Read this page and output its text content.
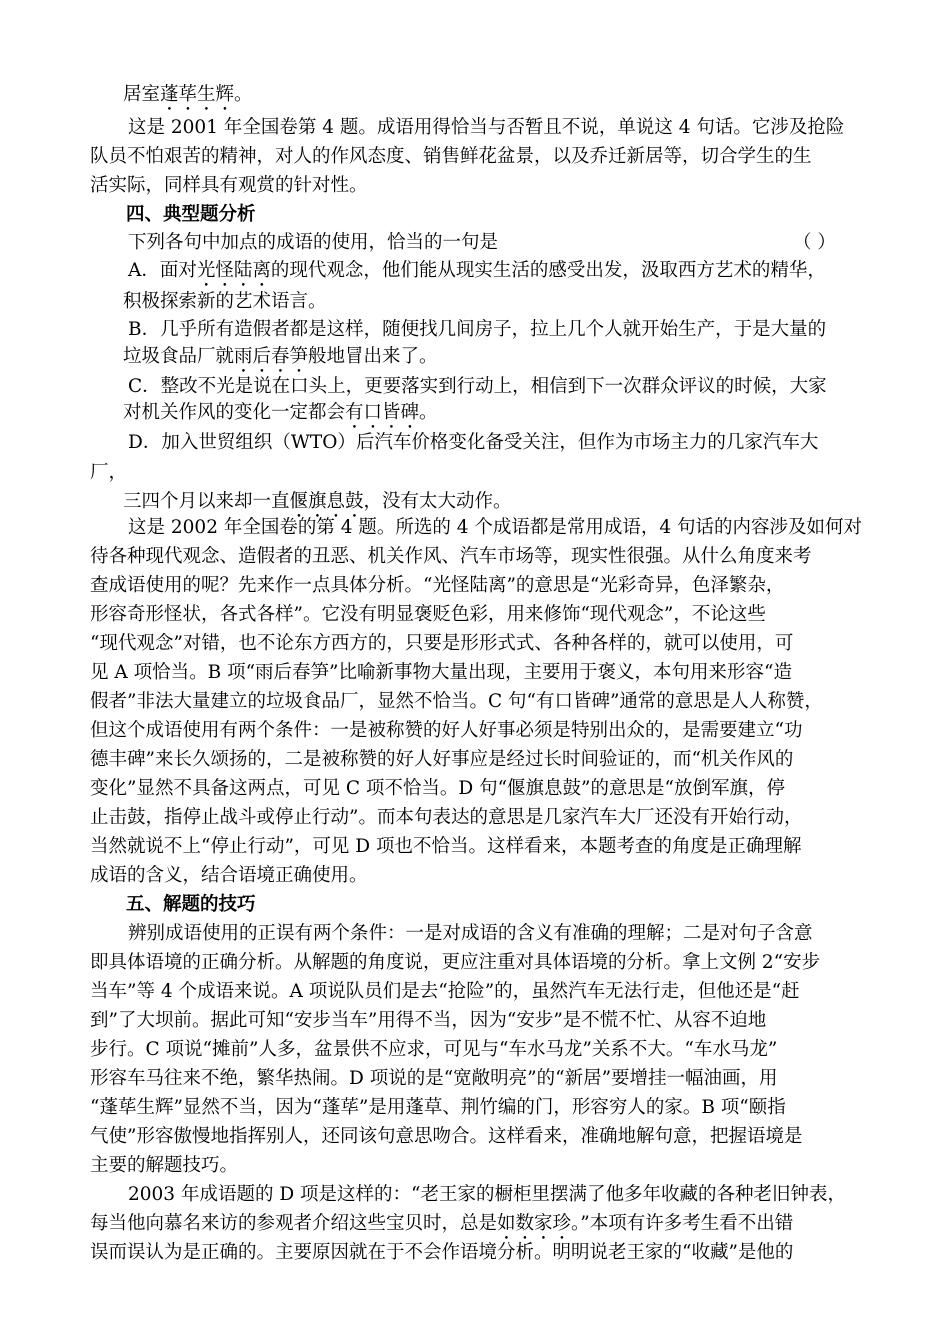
居室蓬荜生辉。
这是 2001 年全国卷第 4 题。成语用得恰当与否暂且不说，单说这 4 句话。它涉及抢险
队员不怕艰苦的精神，对人的作风态度、销售鲜花盆景，以及乔迁新居等，切合学生的生
活实际，同样具有观赏的针对性。
四、典型题分析
下列各句中加点的成语的使用，恰当的一句是	（ ）
A．面对光怪陆离的现代观念，他们能从现实生活的感受出发，汲取西方艺术的精华，
积极探索新的艺术语言。
B．几乎所有造假者都是这样，随便找几间房子，拉上几个人就开始生产，于是大量的
垃圾食品厂就雨后春笋般地冒出来了。
C．整改不光是说在口头上，更要落实到行动上，相信到下一次群众评议的时候，大家
对机关作风的变化一定都会有口皆碑。
D．加入世贸组织（WTO）后汽车价格变化备受关注，但作为市场主力的几家汽车大
厂，
三四个月以来却一直偃旗息鼓，没有太大动作。
这是 2002 年全国卷的第 4 题。所选的 4 个成语都是常用成语，4 句话的内容涉及如何对
待各种现代观念、造假者的丑恶、机关作风、汽车市场等，现实性很强。从什么角度来考
查成语使用的呢？先来作一点具体分析。“光怪陆离”的意思是“光彩奇异，色泽繁杂，
形容奇形怪状，各式各样”。它没有明显褒贬色彩，用来修饰“现代观念”，不论这些
“现代观念”对错，也不论东方西方的，只要是形形式式、各种各样的，就可以使用，可
见 A 项恰当。B 项“雨后春笋”比喻新事物大量出现，主要用于褒义，本句用来形容“造
假者”非法大量建立的垃圾食品厂，显然不恰当。C 句“有口皆碑”通常的意思是人人称赞，
但这个成语使用有两个条件：一是被称赞的好人好事必须是特别出众的，是需要建立“功
德丰碑”来长久颂扬的，二是被称赞的好人好事应是经过长时间验证的，而“机关作风的
变化”显然不具备这两点，可见 C 项不恰当。D 句“偃旗息鼓”的意思是“放倒军旗，停
止击鼓，指停止战斗或停止行动”。而本句表达的意思是几家汽车大厂还没有开始行动，
当然就说不上“停止行动”，可见 D 项也不恰当。这样看来，本题考查的角度是正确理解
成语的含义，结合语境正确使用。
五、解题的技巧
辨别成语使用的正误有两个条件：一是对成语的含义有准确的理解；二是对句子含意
即具体语境的正确分析。从解题的角度说，更应注重对具体语境的分析。拿上文例 2“安步
当车”等 4 个成语来说。A 项说队员们是去“抢险”的，虽然汽车无法行走，但他还是“赶
到”了大坝前。据此可知“安步当车”用得不当，因为“安步”是不慌不忙、从容不迫地
步行。C 项说“摊前”人多，盆景供不应求，可见与“车水马龙”关系不大。“车水马龙”
形容车马往来不绝，繁华热闹。D 项说的是“宽敞明亮”的“新居”要增挂一幅油画，用
“蓬荜生辉”显然不当，因为“蓬荜”是用蓬草、荆竹编的门，形容穷人的家。B 项“颐指
气使”形容傲慢地指挥别人，还同该句意思吻合。这样看来，准确地解句意，把握语境是
主要的解题技巧。
2003 年成语题的 D 项是这样的：“老王家的橱柜里摆满了他多年收藏的各种老旧钟表，
每当他向慕名来访的参观者介绍这些宝贝时，总是如数家珍。”本项有许多考生看不出错
误而误认为是正确的。主要原因就在于不会作语境分析。明明说老王家的“收藏”是他的
